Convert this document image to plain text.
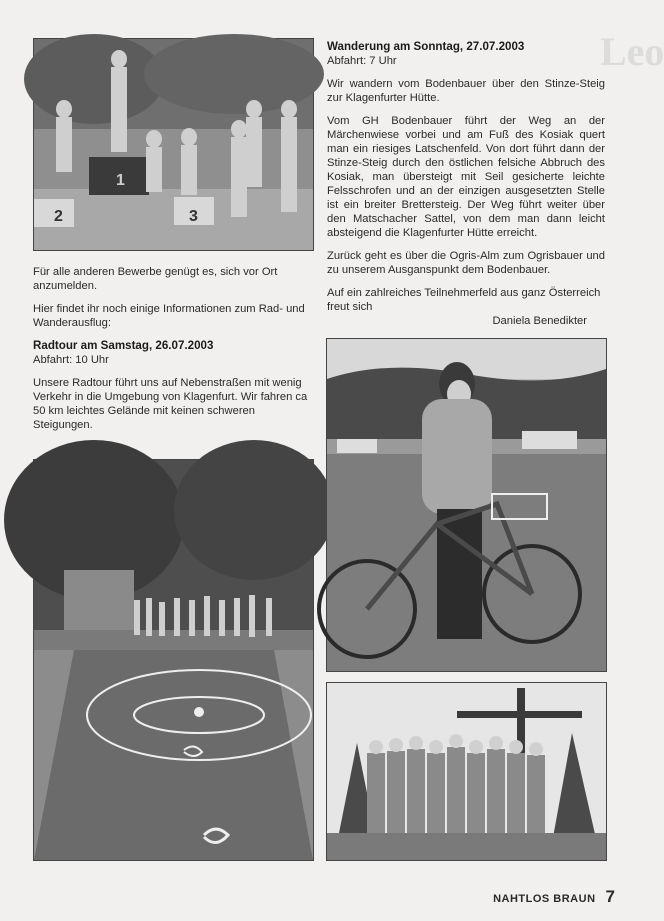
Leo
2
1
3

Für alle anderen Bewerbe genügt es, sich vor Ort anzumelden.

Hier findet ihr noch einige Informationen zum Rad- und Wanderausflug:

Radtour am Samstag, 26.07.2003

Abfahrt: 10 Uhr

Unsere Radtour führt uns auf Nebenstraßen mit wenig Verkehr in die Umgebung von Klagenfurt. Wir fahren ca 50 km leichtes Gelände mit keinen schweren Steigungen.

Wanderung am Sonntag, 27.07.2003

Abfahrt: 7 Uhr

Wir wandern vom Bodenbauer über den Stinze-Steig zur Klagenfurter Hütte.

Vom GH Bodenbauer führt der Weg an der Märchenwiese vorbei und am Fuß des Kosiak quert man ein riesiges Latschenfeld. Von dort führt dann der Stinze-Steig durch den östlichen felsiche Abbruch des Kosiak, man übersteigt mit Seil gesicherte leichte Felsschrofen und an der einzigen ausgesetzten Stelle ist ein breiter Brettersteig. Der Weg führt weiter über den Matschacher Sattel, von dem man dann leicht absteigend die Klagenfurter Hütte erreicht.

Zurück geht es über die Ogris-Alm zum Ogrisbauer und zu unserem Ausganspunkt dem Bodenbauer.

Auf ein zahlreiches Teilnehmerfeld aus ganz Österreich freut sich

Daniela Benedikter

NAHTLOS BRAUN 7
